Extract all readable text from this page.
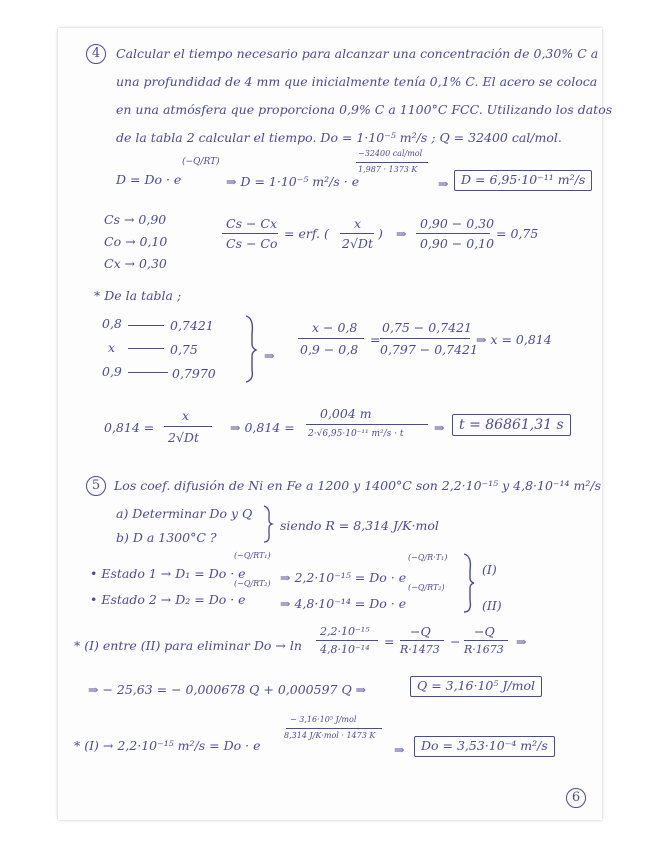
4	Calcular el tiempo necesario para alcanzar una concentración de 0,30% C a
una profundidad de 4 mm que inicialmente tenía 0,1% C. El acero se coloca
en una atmósfera que proporciona 0,9% C a 1100°C FCC. Utilizando los datos
de la tabla 2 calcular el tiempo. Do = 1·10⁻⁵ m²/s ; Q = 32400 cal/mol.
D = Do · e
(−Q/RT)
⇒ D = 1·10⁻⁵ m²/s · e
−32400 cal/mol
1,987 · 1373 K
⇒	D = 6,95·10⁻¹¹ m²/s
Cs → 0,90
Co → 0,10
Cx → 0,30
Cs − Cx
Cs − Co
= erf. (
x
2√Dt
) ⇒
0,90 − 0,30
0,90 − 0,10
= 0,75
* De la tabla ;
0,8	0,7421
x	0,75
0,9	0,7970
⇒
x − 0,8
0,9 − 0,8
=
0,75 − 0,7421
0,797 − 0,7421
⇒ x = 0,814
0,814 =
x
2√Dt
⇒ 0,814 =
0,004 m
2·√6,95·10⁻¹¹ m²/s · t ⇒	t = 86861,31 s
5	Los coef. difusión de Ni en Fe a 1200 y 1400°C son 2,2·10⁻¹⁵ y 4,8·10⁻¹⁴ m²/s
a) Determinar Do y Q
b) D a 1300°C ?
siendo R = 8,314 J/K·mol
• Estado 1 → D₁ = Do · e
(−Q/RT₁)
⇒ 2,2·10⁻¹⁵ = Do · e
(−Q/R·T₁)
(I)
• Estado 2 → D₂ = Do · e
(−Q/RT₂)
⇒ 4,8·10⁻¹⁴ = Do · e
(−Q/RT₂)
(II)
* (I) entre (II) para eliminar Do → ln
2,2·10⁻¹⁵
4,8·10⁻¹⁴
=
−Q
R·1473
−
−Q
R·1673
⇒
⇒ − 25,63 = − 0,000678 Q + 0,000597 Q ⇒	Q = 3,16·10⁵ J/mol
* (I) → 2,2·10⁻¹⁵ m²/s = Do · e
− 3,16·10⁵ J/mol
8,314 J/K·mol · 1473 K
⇒	Do = 3,53·10⁻⁴ m²/s
6
